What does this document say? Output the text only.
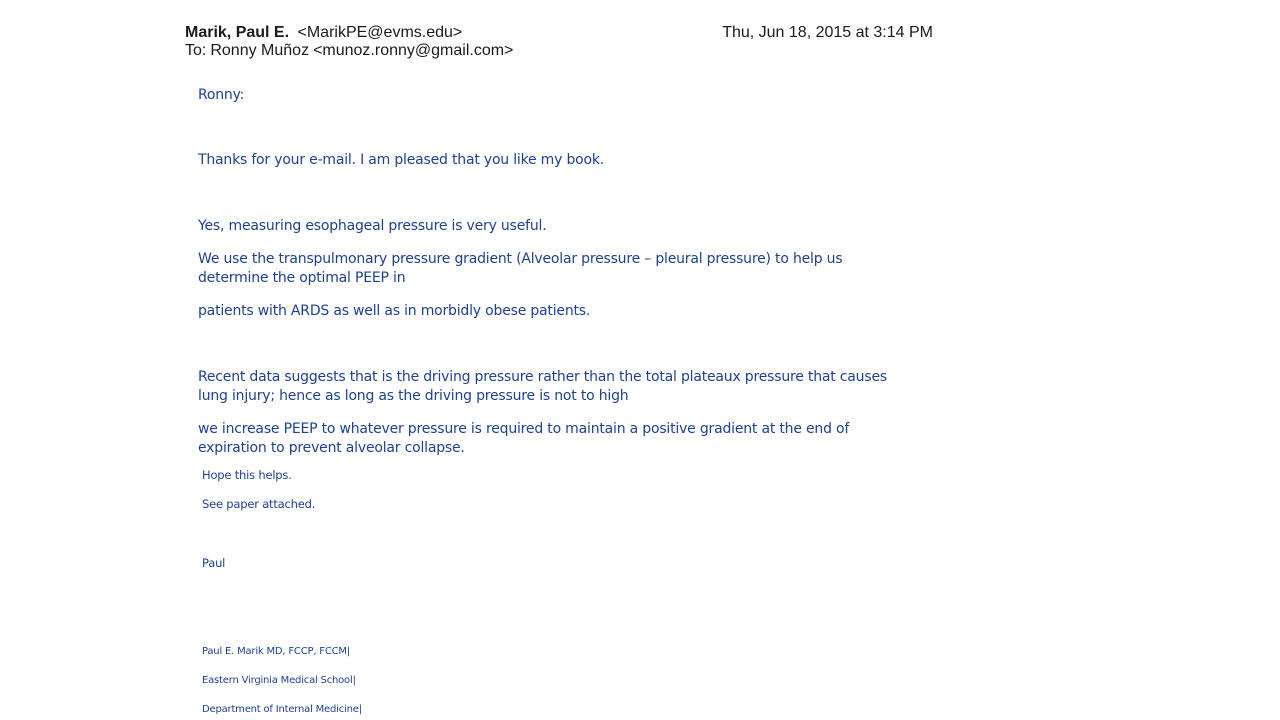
Marik, Paul E. <MarikPE@evms.edu>	Thu, Jun 18, 2015 at 3:14 PM
To: Ronny Muñoz <munoz.ronny@gmail.com>

Ronny:

Thanks for your e-mail. I am pleased that you like my book.

Yes, measuring esophageal pressure is very useful.

We use the transpulmonary pressure gradient (Alveolar pressure – pleural pressure) to help us determine the optimal PEEP in

patients with ARDS as well as in morbidly obese patients.

Recent data suggests that is the driving pressure rather than the total plateaux pressure that causes lung injury; hence as long as the driving pressure is not to high

we increase PEEP to whatever pressure is required to maintain a positive gradient at the end of expiration to prevent alveolar collapse.

Hope this helps.

See paper attached.

Paul

Paul E. Marik MD, FCCP, FCCM|
Eastern Virginia Medical School|
Department of Internal Medicine|
